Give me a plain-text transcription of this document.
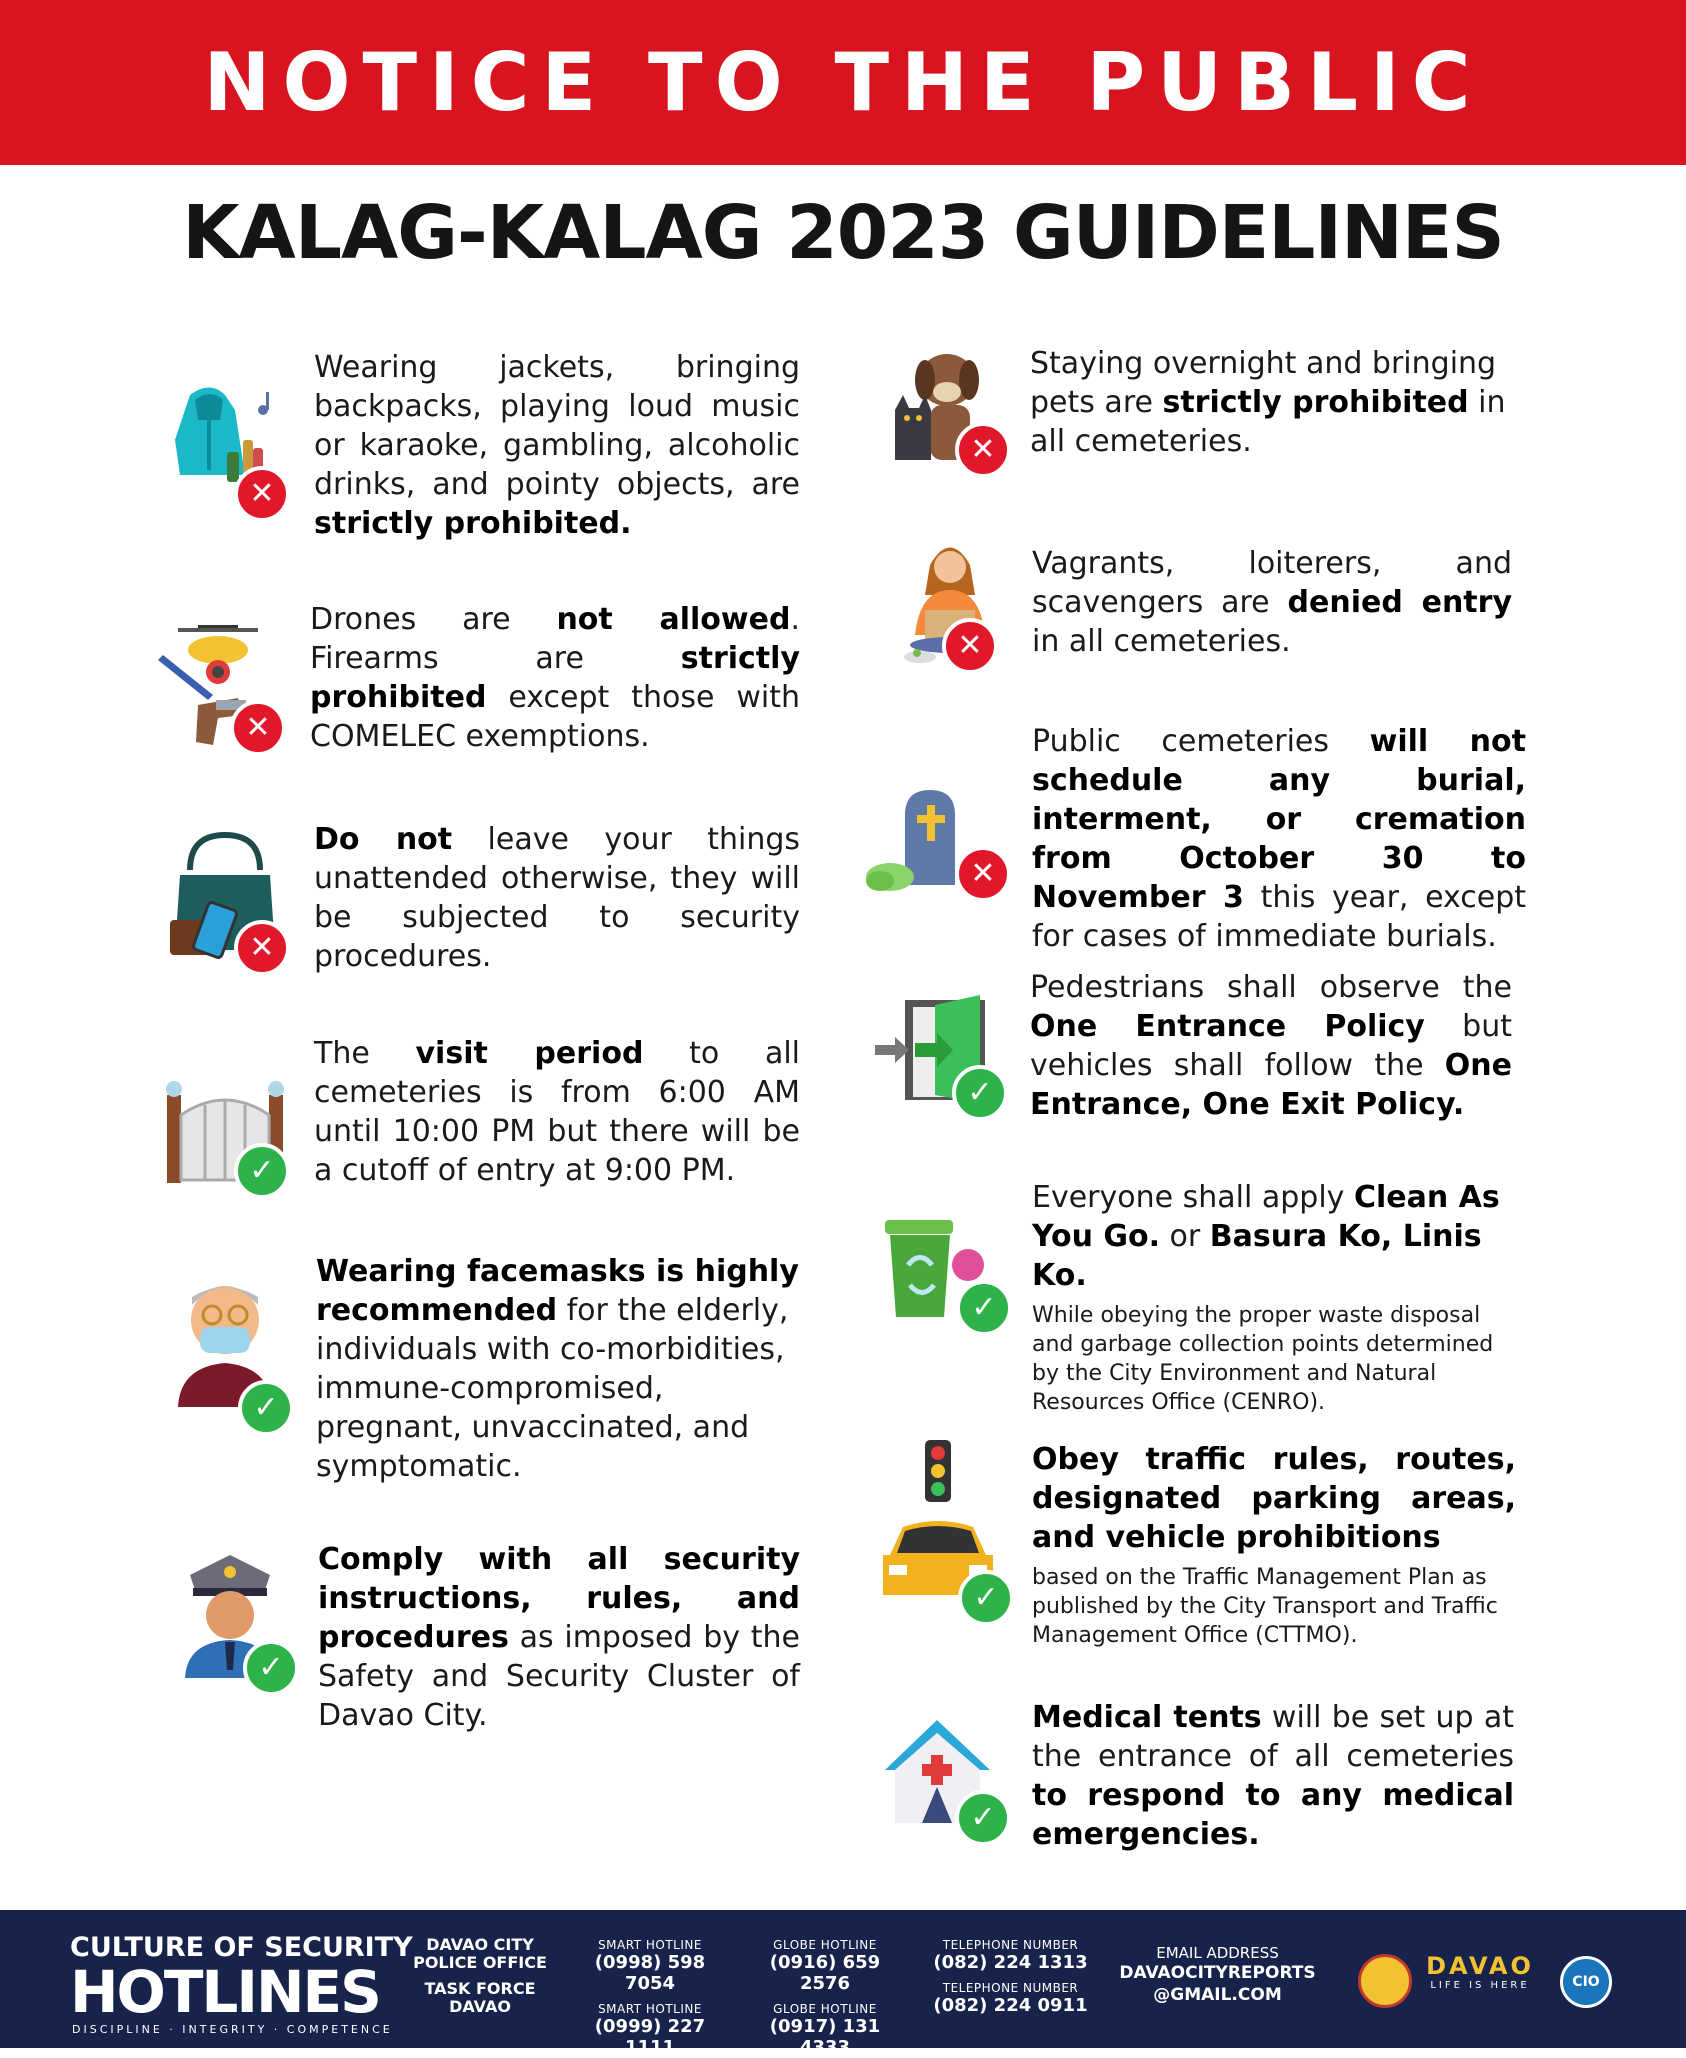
NOTICE TO THE PUBLIC
KALAG-KALAG 2023 GUIDELINES
✕
Wearing jackets, bringing backpacks, playing loud music or karaoke, gambling, alcoholic drinks, and pointy objects, are strictly prohibited.
✕
Drones are not allowed. Firearms are strictly prohibited except those with COMELEC exemptions.
✕
Do not leave your things unattended otherwise, they will be subjected to security procedures.
✓
The visit period to all cemeteries is from 6:00 AM until 10:00 PM but there will be a cutoff of entry at 9:00 PM.
✓
Wearing facemasks is highly recommended for the elderly, individuals with co-morbidities, immune-compromised, pregnant, unvaccinated, and symptomatic.
✓
Comply with all security instructions, rules, and procedures as imposed by the Safety and Security Cluster of Davao City.
✕
Staying overnight and bringing pets are strictly prohibited in all cemeteries.
✕
Vagrants, loiterers, and scavengers are denied entry in all cemeteries.
✕
Public cemeteries will not schedule any burial, interment, or cremation from October 30 to November 3 this year, except for cases of immediate burials.
✓
Pedestrians shall observe the One Entrance Policy but vehicles shall follow the One Entrance, One Exit Policy.
✓
Everyone shall apply Clean As You Go. or Basura Ko, Linis Ko.
While obeying the proper waste disposal and garbage collection points determined by the City Environment and Natural Resources Office (CENRO).
✓
Obey traffic rules, routes, designated parking areas, and vehicle prohibitions
based on the Traffic Management Plan as published by the City Transport and Traffic Management Office (CTTMO).
✓
Medical tents will be set up at the entrance of all cemeteries to respond to any medical emergencies.
CULTURE OF SECURITY
HOTLINES
DISCIPLINE · INTEGRITY · COMPETENCE
DAVAO CITY
POLICE OFFICE
TASK FORCE
DAVAO
SMART HOTLINE
(0998) 598 7054
SMART HOTLINE
(0999) 227 1111
GLOBE HOTLINE
(0916) 659 2576
GLOBE HOTLINE
(0917) 131 4333
TELEPHONE NUMBER
(082) 224 1313
TELEPHONE NUMBER
(082) 224 0911
EMAIL ADDRESS
DAVAOCITYREPORTS
@GMAIL.COM
DAVAO
LIFE IS HERE	CIO
